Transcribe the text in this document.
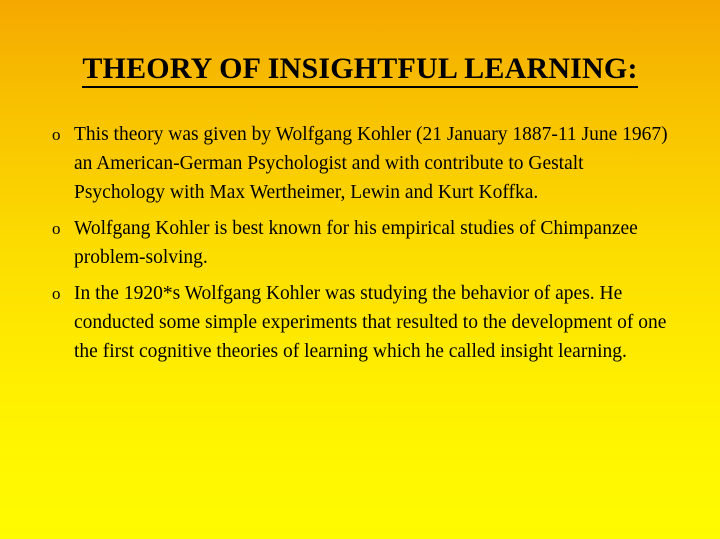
THEORY OF INSIGHTFUL LEARNING:
o This theory was given by Wolfgang Kohler (21 January 1887-11 June 1967) an American-German Psychologist and with contribute to Gestalt Psychology with Max Wertheimer, Lewin and Kurt Koffka.
o Wolfgang Kohler is best known for his empirical studies of Chimpanzee problem-solving.
o In the 1920*s Wolfgang Kohler was studying the behavior of apes. He conducted some simple experiments that resulted to the development of one the first cognitive theories of learning which he called insight learning.
